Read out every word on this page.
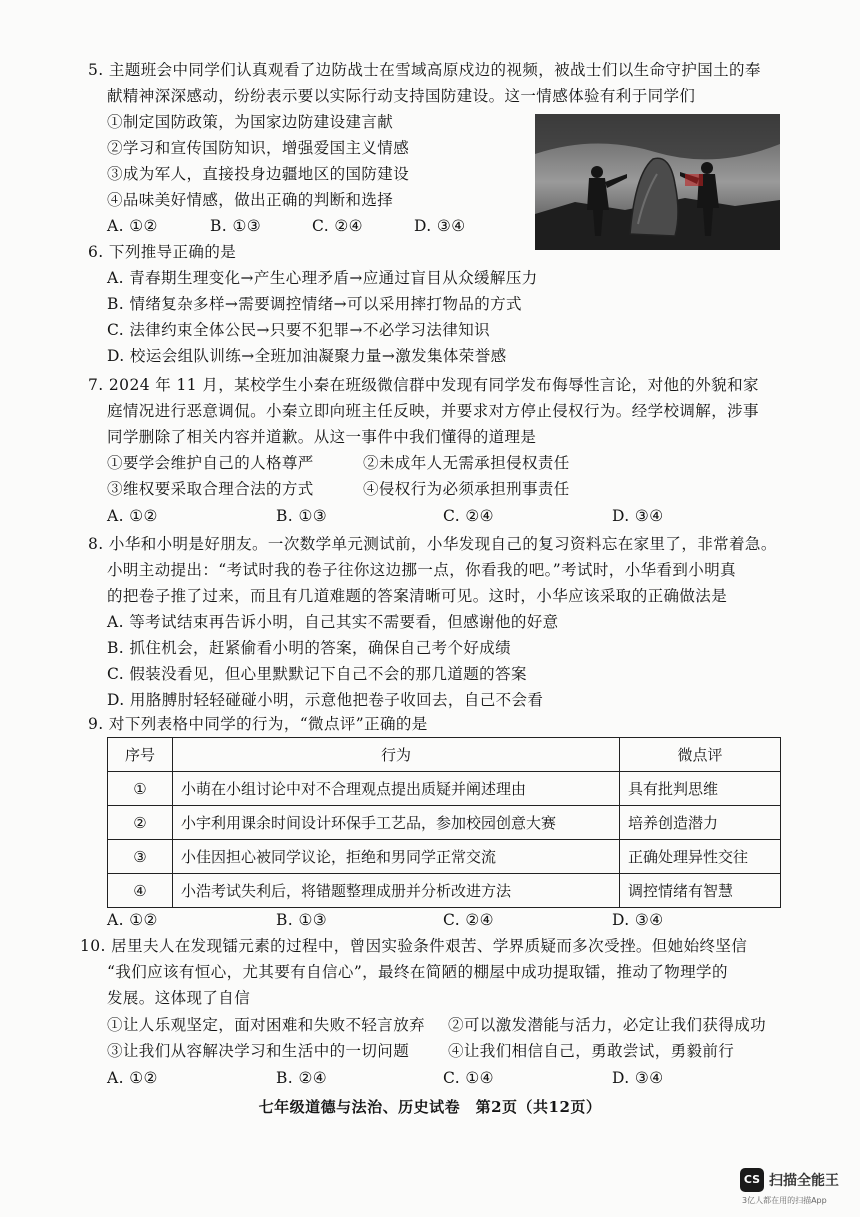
5. 主题班会中同学们认真观看了边防战士在雪域高原戍边的视频，被战士们以生命守护国土的奉
献精神深深感动，纷纷表示要以实际行动支持国防建设。这一情感体验有利于同学们
①制定国防政策，为国家边防建设建言献
②学习和宣传国防知识，增强爱国主义情感
③成为军人，直接投身边疆地区的国防建设
④品味美好情感，做出正确的判断和选择
A. ①②	B. ①③	C. ②④	D. ③④
6. 下列推导正确的是
A. 青春期生理变化→产生心理矛盾→应通过盲目从众缓解压力
B. 情绪复杂多样→需要调控情绪→可以采用摔打物品的方式
C. 法律约束全体公民→只要不犯罪→不必学习法律知识
D. 校运会组队训练→全班加油凝聚力量→激发集体荣誉感
7. 2024 年 11 月，某校学生小秦在班级微信群中发现有同学发布侮辱性言论，对他的外貌和家
庭情况进行恶意调侃。小秦立即向班主任反映，并要求对方停止侵权行为。经学校调解，涉事
同学删除了相关内容并道歉。从这一事件中我们懂得的道理是
①要学会维护自己的人格尊严	②未成年人无需承担侵权责任
③维权要采取合理合法的方式	④侵权行为必须承担刑事责任
A. ①②	B. ①③	C. ②④	D. ③④
8. 小华和小明是好朋友。一次数学单元测试前，小华发现自己的复习资料忘在家里了，非常着急。
小明主动提出：“考试时我的卷子往你这边挪一点，你看我的吧。”考试时，小华看到小明真
的把卷子推了过来，而且有几道难题的答案清晰可见。这时，小华应该采取的正确做法是
A. 等考试结束再告诉小明，自己其实不需要看，但感谢他的好意
B. 抓住机会，赶紧偷看小明的答案，确保自己考个好成绩
C. 假装没看见，但心里默默记下自己不会的那几道题的答案
D. 用胳膊肘轻轻碰碰小明，示意他把卷子收回去，自己不会看
9. 对下列表格中同学的行为，“微点评”正确的是
序号	行为	微点评
①	小萌在小组讨论中对不合理观点提出质疑并阐述理由	具有批判思维
②	小宇利用课余时间设计环保手工艺品，参加校园创意大赛	培养创造潜力
③	小佳因担心被同学议论，拒绝和男同学正常交流	正确处理异性交往
④	小浩考试失利后，将错题整理成册并分析改进方法	调控情绪有智慧
A. ①②	B. ①③	C. ②④	D. ③④
10. 居里夫人在发现镭元素的过程中，曾因实验条件艰苦、学界质疑而多次受挫。但她始终坚信
“我们应该有恒心，尤其要有自信心”，最终在简陋的棚屋中成功提取镭，推动了物理学的
发展。这体现了自信
①让人乐观坚定，面对困难和失败不轻言放弃 ②可以激发潜能与活力，必定让我们获得成功
③让我们从容解决学习和生活中的一切问题	④让我们相信自己，勇敢尝试，勇毅前行
A. ①②	B. ②④	C. ①④	D. ③④
七年级道德与法治、历史试卷　第2页（共12页）
CS 扫描全能王
3亿人都在用的扫描App
